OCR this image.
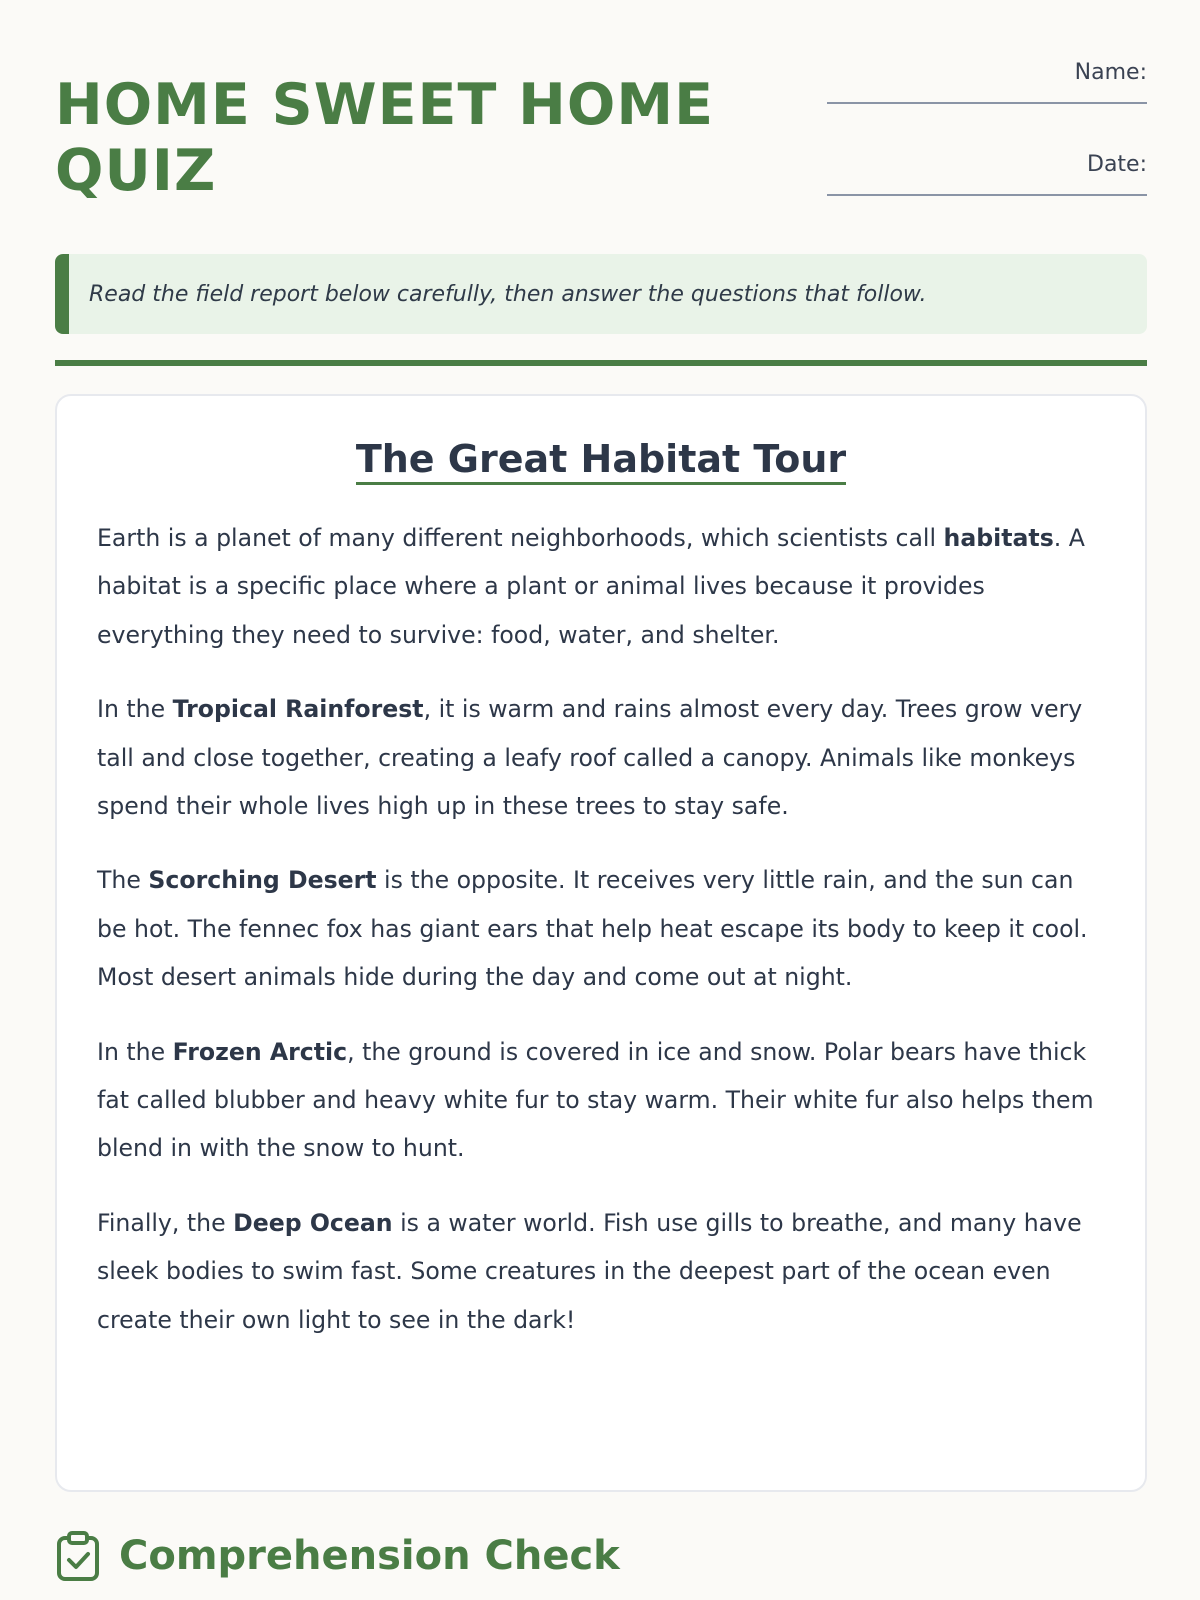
HOME SWEET HOME QUIZ
Name:
Date:
Read the field report below carefully, then answer the questions that follow.
The Great Habitat Tour

Earth is a planet of many different neighborhoods, which scientists call habitats. A habitat is a specific place where a plant or animal lives because it provides everything they need to survive: food, water, and shelter.

In the Tropical Rainforest, it is warm and rains almost every day. Trees grow very tall and close together, creating a leafy roof called a canopy. Animals like monkeys spend their whole lives high up in these trees to stay safe.

The Scorching Desert is the opposite. It receives very little rain, and the sun can be hot. The fennec fox has giant ears that help heat escape its body to keep it cool. Most desert animals hide during the day and come out at night.

In the Frozen Arctic, the ground is covered in ice and snow. Polar bears have thick fat called blubber and heavy white fur to stay warm. Their white fur also helps them blend in with the snow to hunt.

Finally, the Deep Ocean is a water world. Fish use gills to breathe, and many have sleek bodies to swim fast. Some creatures in the deepest part of the ocean even create their own light to see in the dark!

Comprehension Check
